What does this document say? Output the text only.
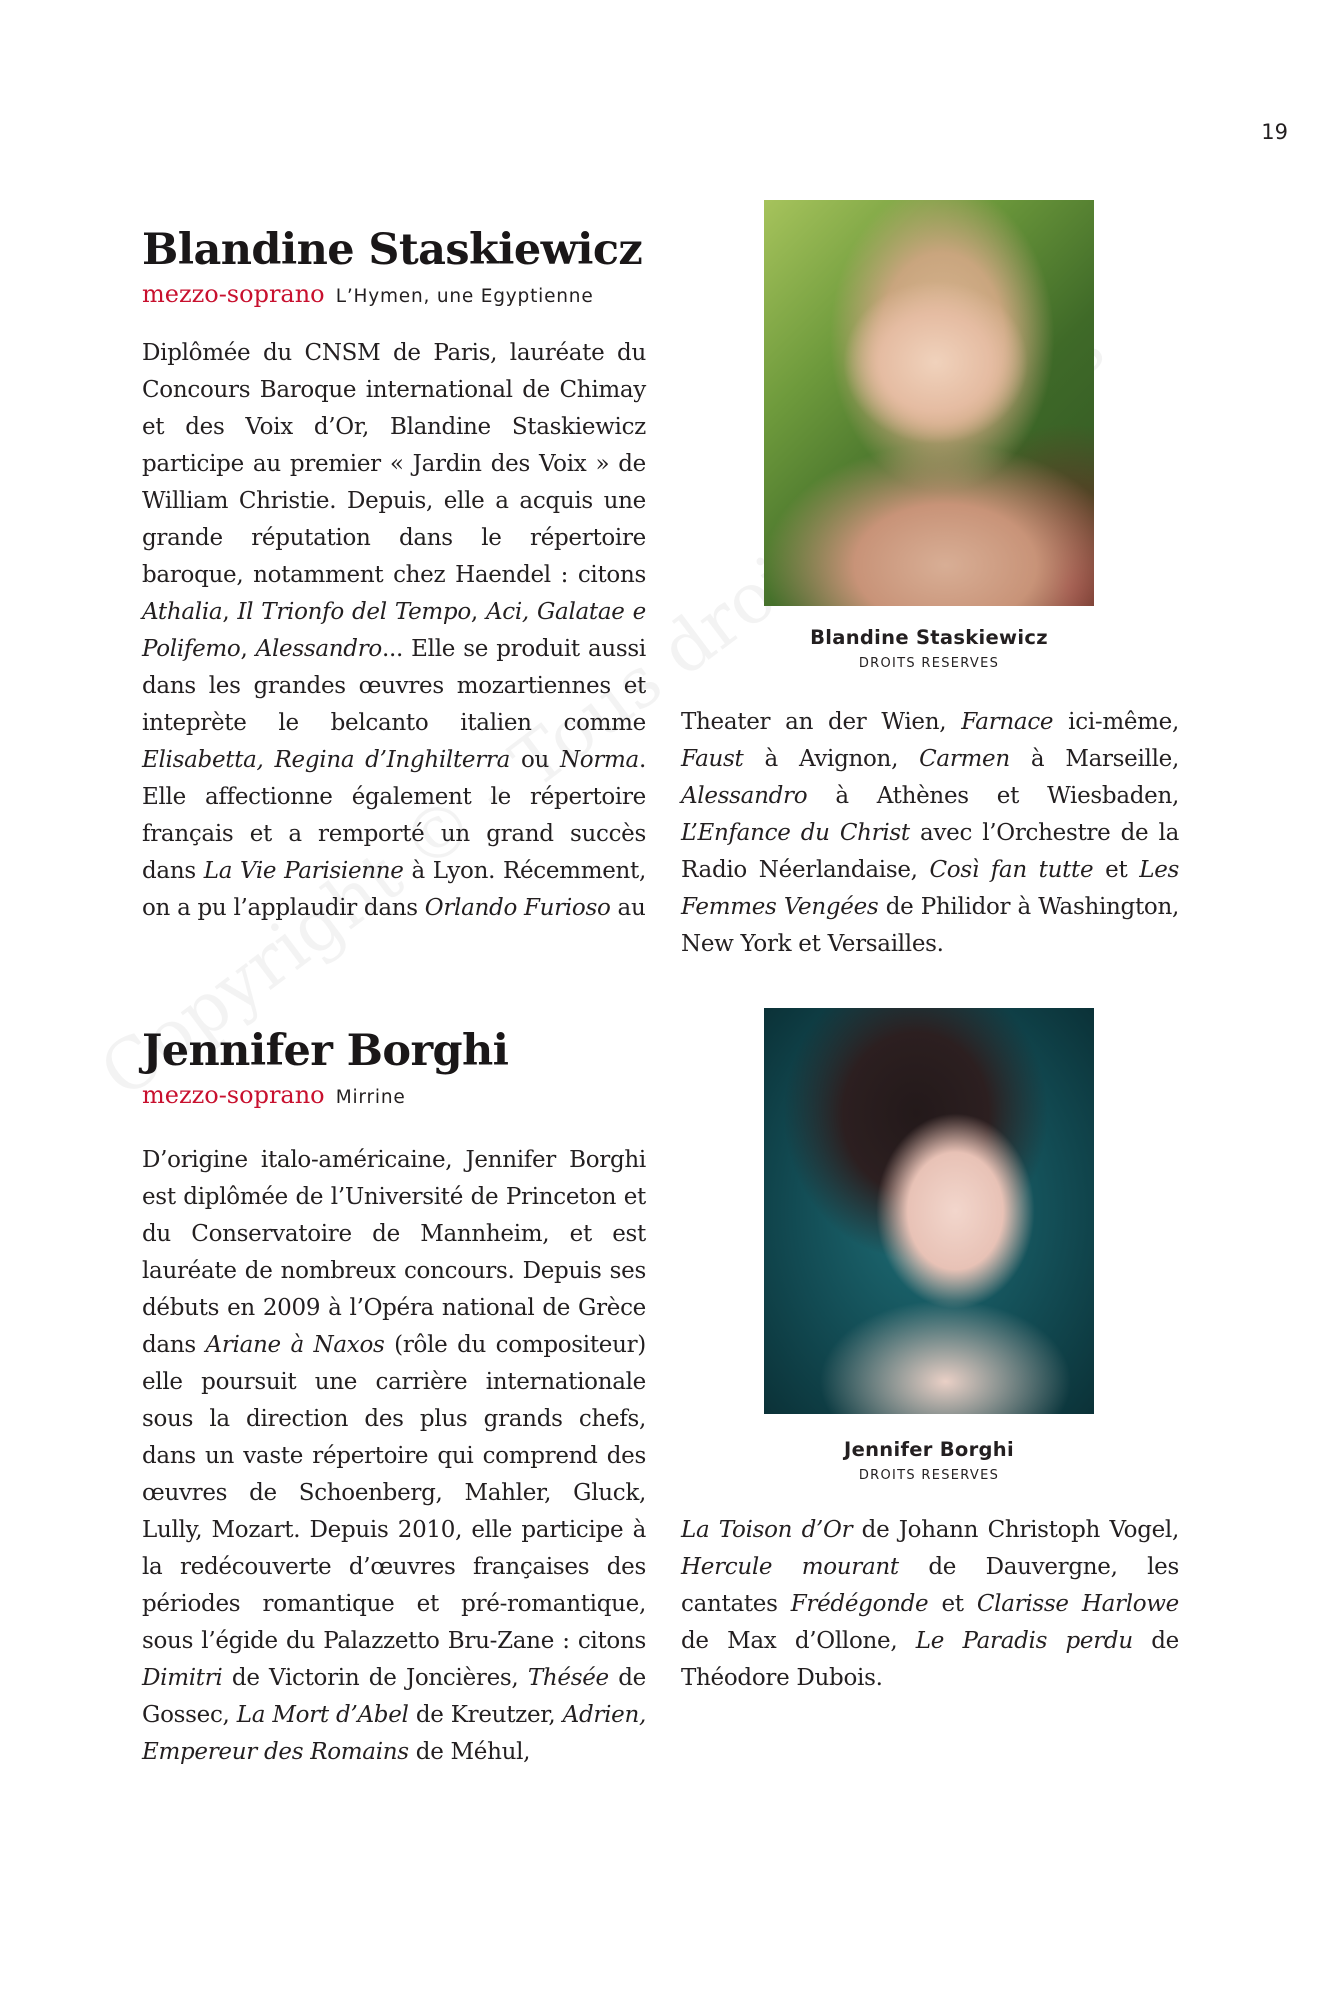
19
Blandine Staskiewicz
mezzo-soprano L’Hymen, une Egyptienne

Diplômée du CNSM de Paris, lauréate du Concours Baroque international de Chimay et des Voix d’Or, Blandine Staskiewicz participe au premier « Jardin des Voix » de William Christie. Depuis, elle a acquis une grande réputation dans le répertoire baroque, notamment chez Haendel : citons Athalia, Il Trionfo del Tempo, Aci, Galatae e Polifemo, Alessandro... Elle se produit aussi dans les grandes œuvres mozartiennes et inteprète le belcanto italien comme Elisabetta, Regina d’Inghilterra ou Norma. Elle affectionne également le répertoire français et a remporté un grand succès dans La Vie Parisienne à Lyon. Récemment, on a pu l’applaudir dans Orlando Furioso au

Blandine Staskiewicz
DROITS RESERVES

Theater an der Wien, Farnace ici-même, Faust à Avignon, Carmen à Marseille, Alessandro à Athènes et Wiesbaden, L’Enfance du Christ avec l’Orchestre de la Radio Néerlandaise, Così fan tutte et Les Femmes Vengées de Philidor à Washington, New York et Versailles.

Jennifer Borghi
mezzo-soprano Mirrine

D’origine italo-américaine, Jennifer Borghi est diplômée de l’Université de Princeton et du Conservatoire de Mannheim, et est lauréate de nombreux concours. Depuis ses débuts en 2009 à l’Opéra national de Grèce dans Ariane à Naxos (rôle du compositeur) elle poursuit une carrière internationale sous la direction des plus grands chefs, dans un vaste répertoire qui comprend des œuvres de Schoenberg, Mahler, Gluck, Lully, Mozart. Depuis 2010, elle participe à la redécouverte d’œuvres françaises des périodes romantique et pré-romantique, sous l’égide du Palazzetto Bru-Zane : citons Dimitri de Victorin de Joncières, Thésée de Gossec, La Mort d’Abel de Kreutzer, Adrien, Empereur des Romains de Méhul,

Jennifer Borghi
DROITS RESERVES

La Toison d’Or de Johann Christoph Vogel, Hercule mourant de Dauvergne, les cantates Frédégonde et Clarisse Harlowe de Max d’Ollone, Le Paradis perdu de Théodore Dubois.
